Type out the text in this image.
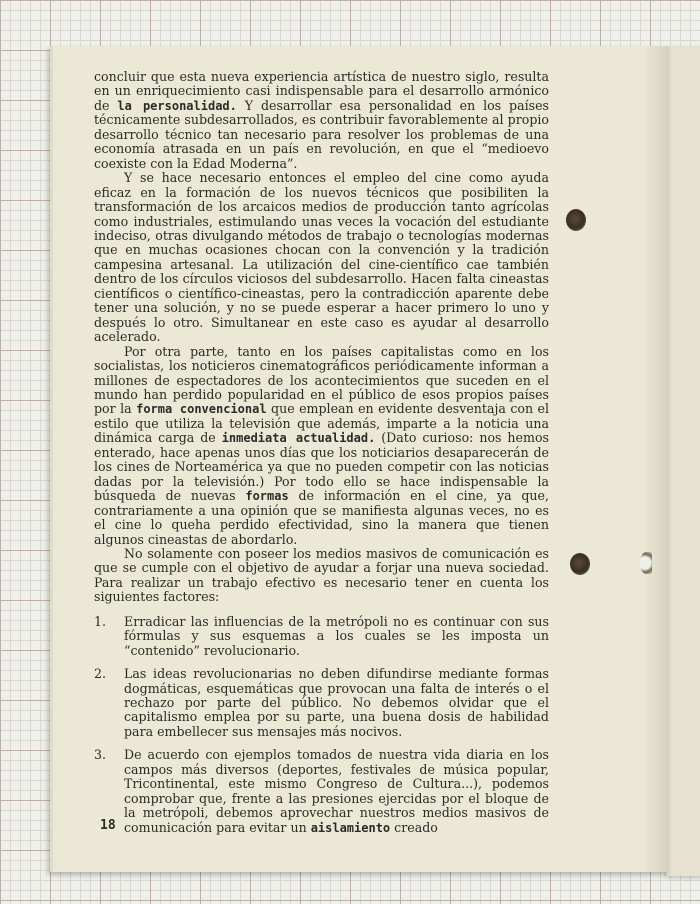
concluir que esta nueva experiencia artística de nuestro siglo, resulta en un enriquecimiento casi indispensable para el desarrollo armónico de la personalidad. Y desarrollar esa personalidad en los países técnicamente subdesarrollados, es contribuir favorablemente al propio desarrollo técnico tan necesario para resolver los problemas de una economía atrasada en un país en revolución, en que el “medioevo coexiste con la Edad Moderna”.

Y se hace necesario entonces el empleo del cine como ayuda eficaz en la formación de los nuevos técnicos que posibiliten la transformación de los arcaicos medios de producción tanto agrícolas como industriales, estimulando unas veces la vocación del estudiante indeciso, otras divulgando métodos de trabajo o tecnologías modernas que en muchas ocasiones chocan con la convención y la tradición campesina artesanal. La utilización del cine-científico cae también dentro de los círculos viciosos del subdesarrollo. Hacen falta cineastas científicos o científico-cineastas, pero la contradicción aparente debe tener una solución, y no se puede esperar a hacer primero lo uno y después lo otro. Simultanear en este caso es ayudar al desarrollo acelerado.

Por otra parte, tanto en los países capitalistas como en los socialistas, los noticieros cinematográficos periódicamente informan a millones de espectadores de los acontecimientos que suceden en el mundo han perdido popularidad en el público de esos propios países por la forma convencional que emplean en evidente desventaja con el estilo que utiliza la televisión que además, imparte a la noticia una dinámica carga de inmediata actualidad. (Dato curioso: nos hemos enterado, hace apenas unos días que los noticiarios desaparecerán de los cines de Norteamérica ya que no pueden competir con las noticias dadas por la televisión.) Por todo ello se hace indispensable la búsqueda de nuevas formas de información en el cine, ya que, contrariamente a una opinión que se manifiesta algunas veces, no es el cine lo queha perdido efectividad, sino la manera que tienen algunos cineastas de abordarlo.

No solamente con poseer los medios masivos de comunicación es que se cumple con el objetivo de ayudar a forjar una nueva sociedad. Para realizar un trabajo efectivo es necesario tener en cuenta los siguientes factores:

1.	Erradicar las influencias de la metrópoli no es continuar con sus fórmulas y sus esquemas a los cuales se les imposta un “contenido” revolucionario.
2.	Las ideas revolucionarias no deben difundirse mediante formas dogmáticas, esquemáticas que provocan una falta de interés o el rechazo por parte del público. No debemos olvidar que el capitalismo emplea por su parte, una buena dosis de habilidad para embellecer sus mensajes más nocivos.
3.	De acuerdo con ejemplos tomados de nuestra vida diaria en los campos más diversos (deportes, festivales de música popular, Tricontinental, este mismo Congreso de Cultura...), podemos comprobar que, frente a las presiones ejercidas por el bloque de la metrópoli, debemos aprovechar nuestros medios masivos de comunicación para evitar un aislamiento creado
18
